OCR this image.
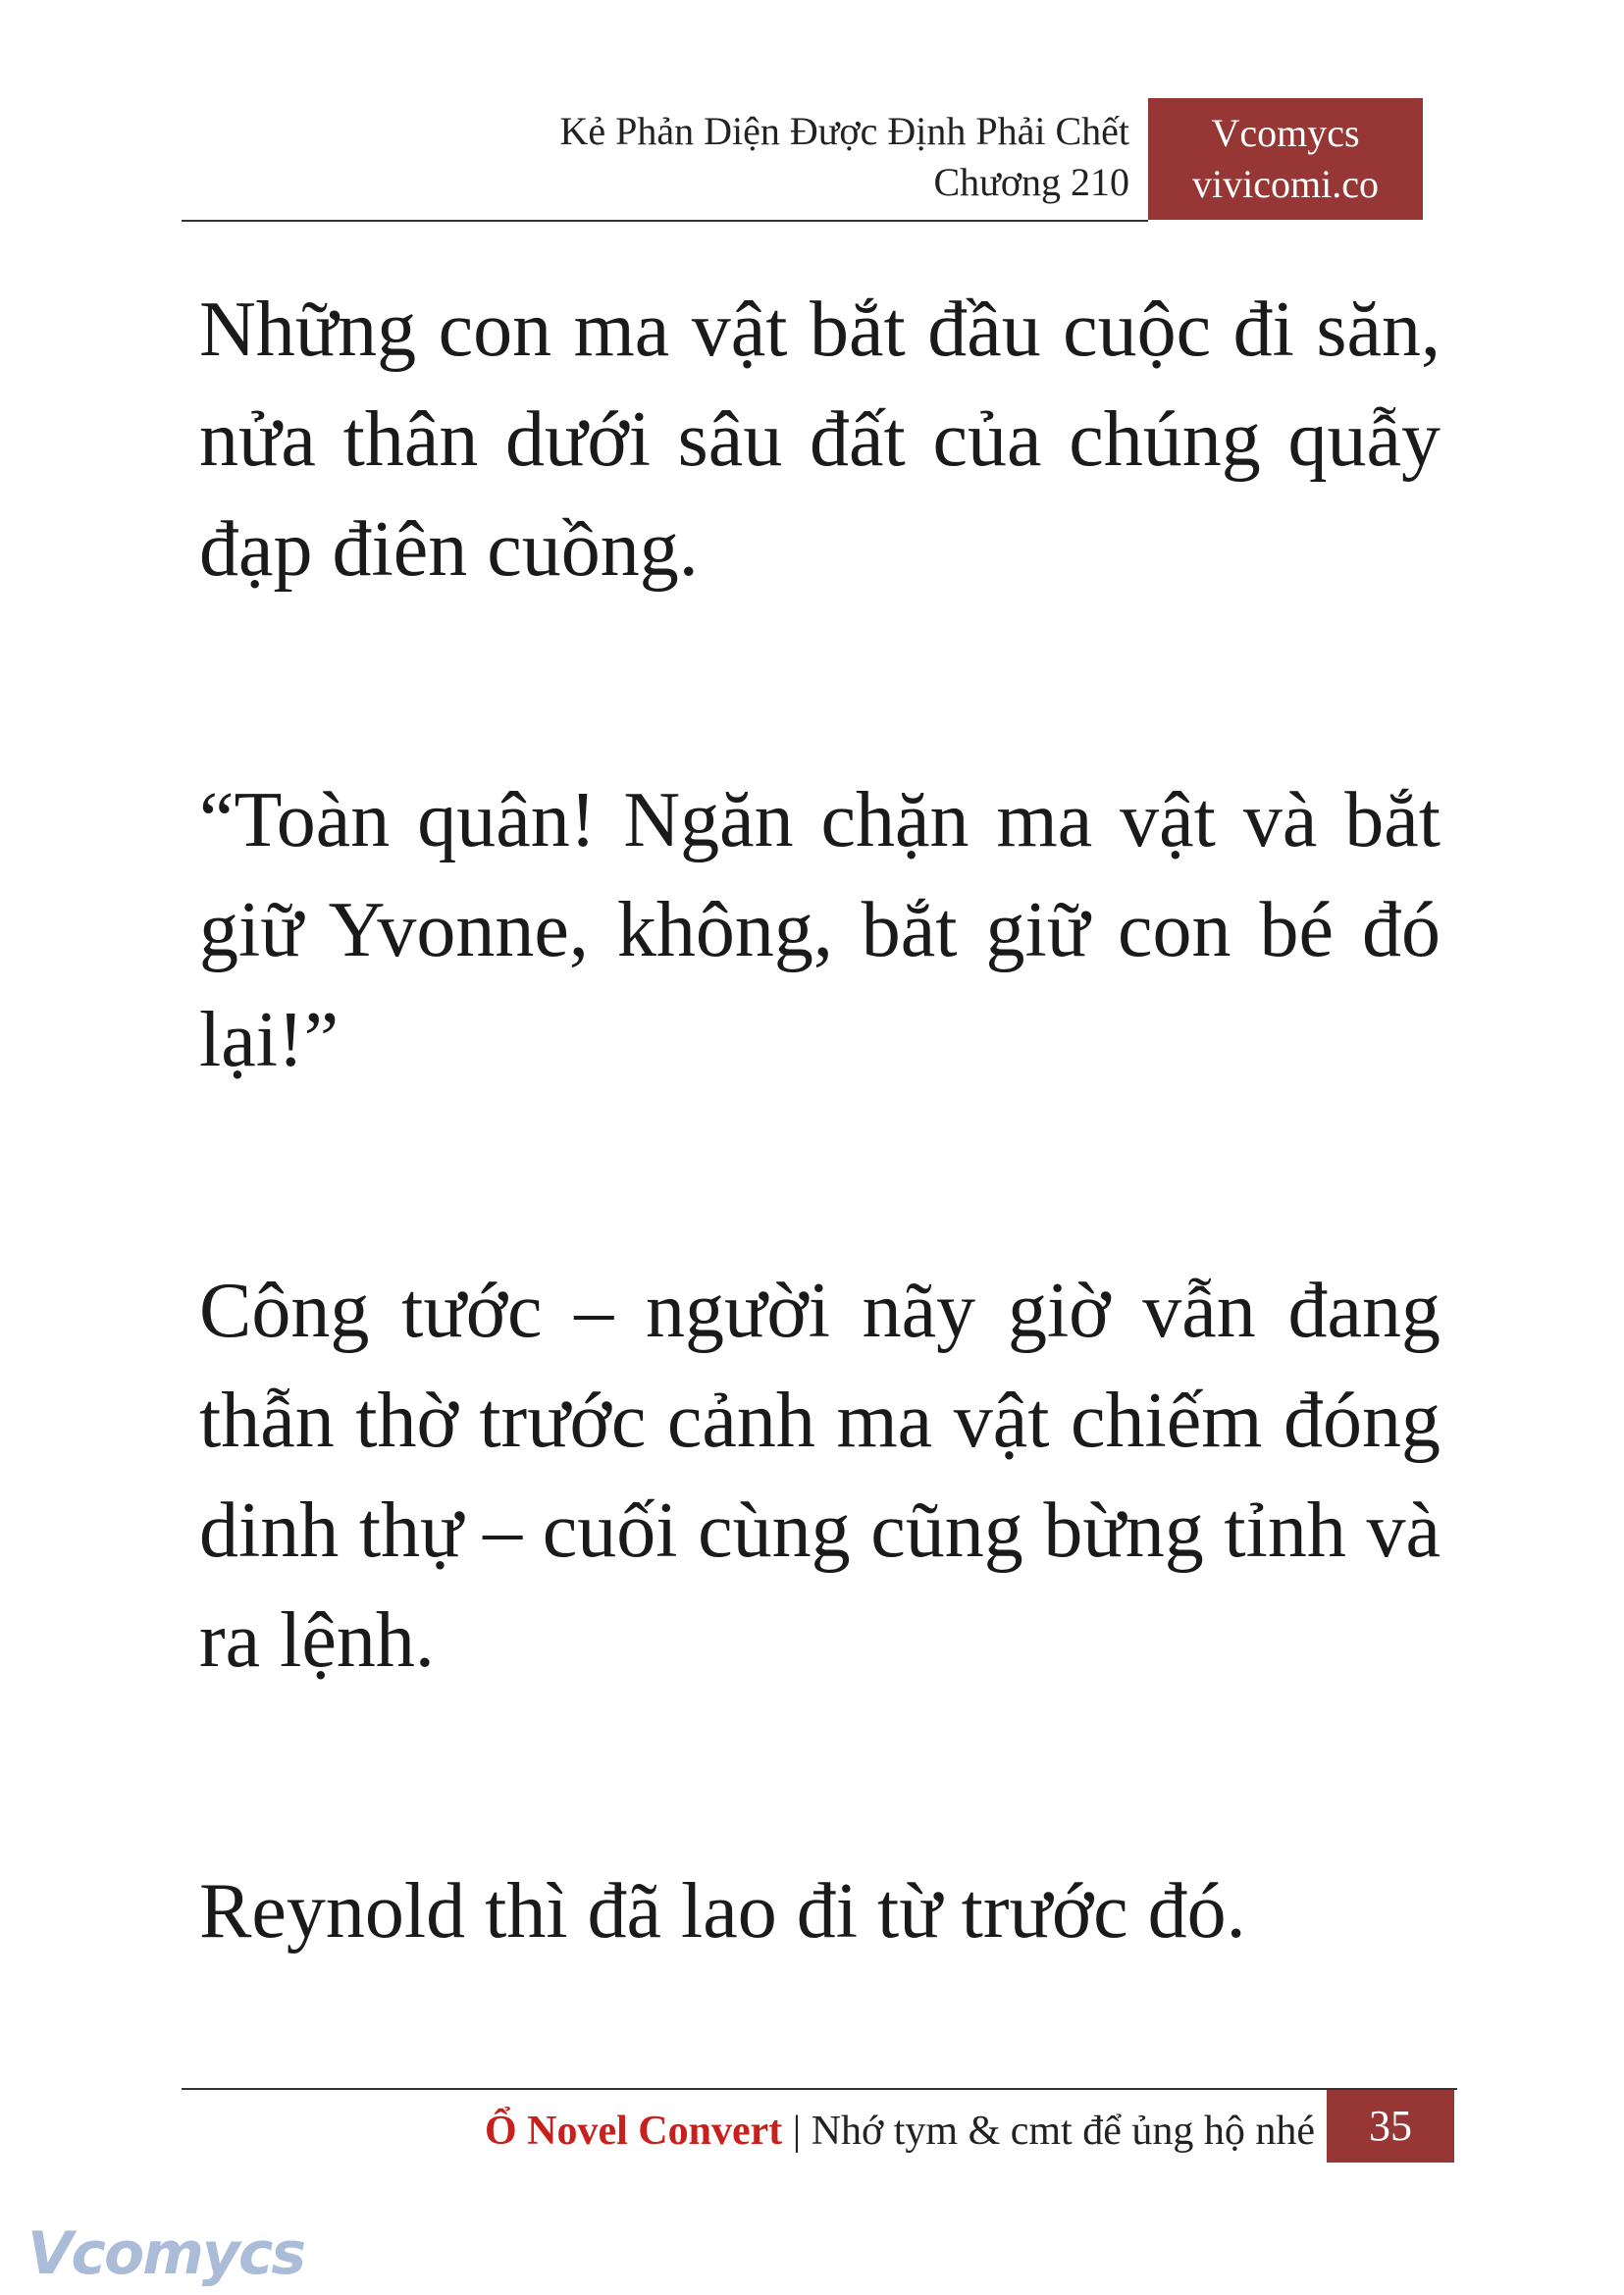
Kẻ Phản Diện Được Định Phải Chết
Chương 210
Vcomycs
vivicomi.co

Những con ma vật bắt đầu cuộc đi săn, nửa thân dưới sâu đất của chúng quẫy đạp điên cuồng.

“Toàn quân! Ngăn chặn ma vật và bắt giữ Yvonne, không, bắt giữ con bé đó lại!”

Công tước – người nãy giờ vẫn đang thẫn thờ trước cảnh ma vật chiếm đóng dinh thự – cuối cùng cũng bừng tỉnh và ra lệnh.

Reynold thì đã lao đi từ trước đó.

Ổ Novel Convert | Nhớ tym & cmt để ủng hộ nhé	35
Vcomycs
